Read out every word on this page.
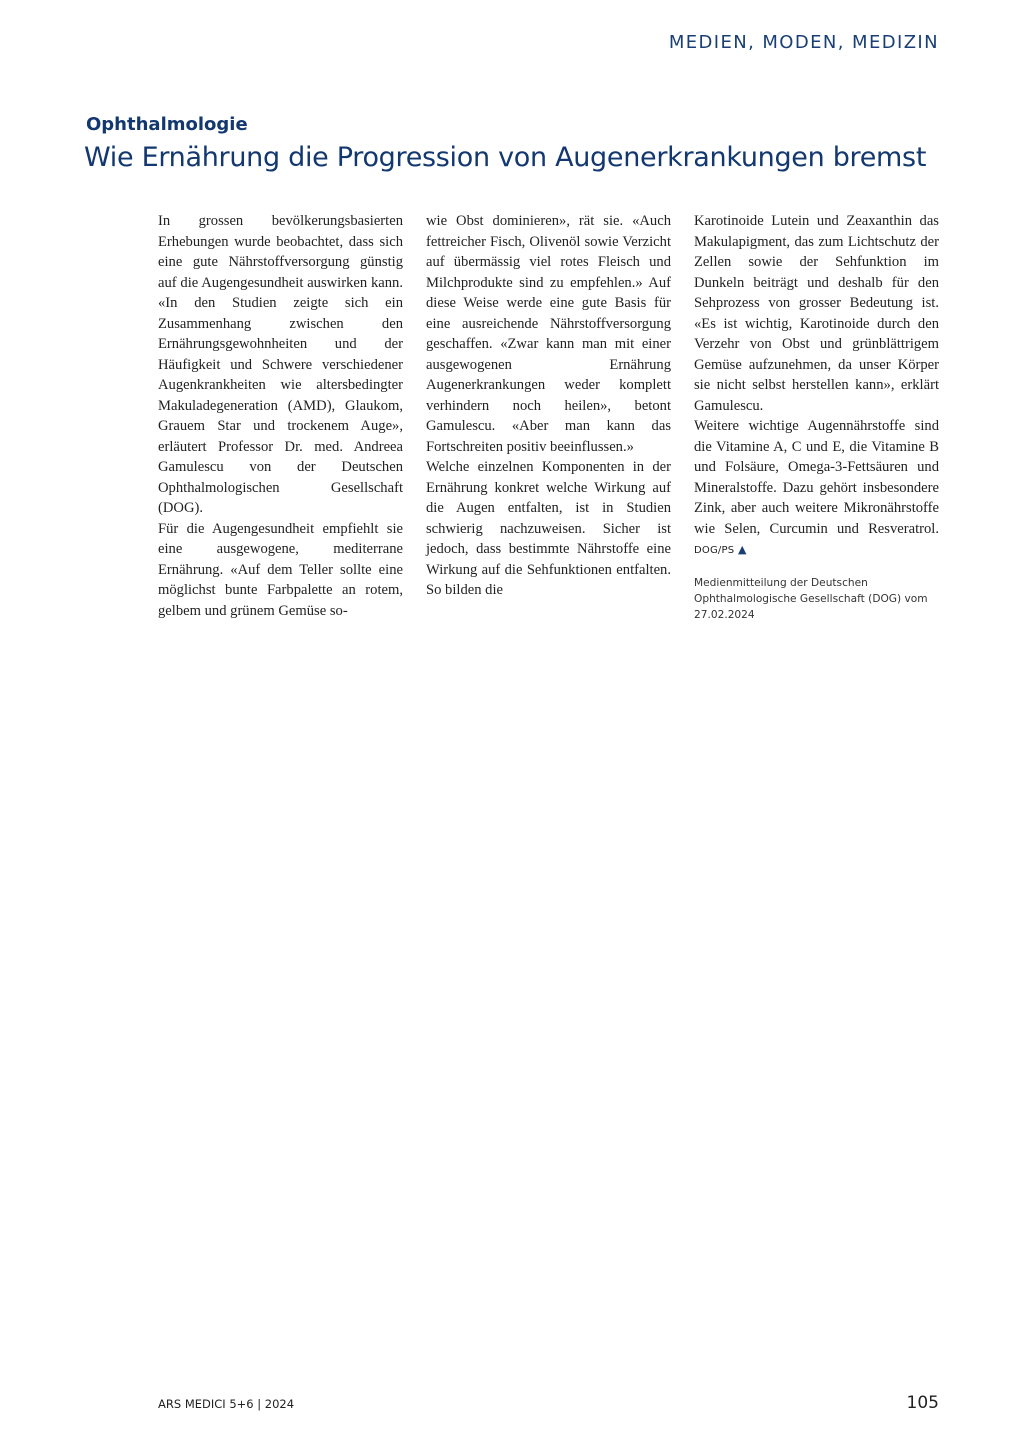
MEDIEN, MODEN, MEDIZIN
Ophthalmologie
Wie Ernährung die Progression von Augenerkrankungen bremst

In grossen bevölkerungsbasierten Erhebungen wurde beobachtet, dass sich eine gute Nährstoffversorgung günstig auf die Augengesundheit auswirken kann. «In den Studien zeigte sich ein Zusammenhang zwischen den Ernährungsgewohnheiten und der Häufigkeit und Schwere verschiedener Augenkrankheiten wie altersbedingter Makuladegeneration (AMD), Glaukom, Grauem Star und trockenem Auge», erläutert Professor Dr. med. Andreea Gamulescu von der Deutschen Ophthalmologischen Gesellschaft (DOG).

Für die Augengesundheit empfiehlt sie eine ausgewogene, mediterrane Ernährung. «Auf dem Teller sollte eine möglichst bunte Farbpalette an rotem, gelbem und grünem Gemüse so-

wie Obst dominieren», rät sie. «Auch fettreicher Fisch, Olivenöl sowie Verzicht auf übermässig viel rotes Fleisch und Milchprodukte sind zu empfehlen.» Auf diese Weise werde eine gute Basis für eine ausreichende Nährstoffversorgung geschaffen. «Zwar kann man mit einer ausgewogenen Ernährung Augenerkrankungen weder komplett verhindern noch heilen», betont Gamulescu. «Aber man kann das Fortschreiten positiv beeinflussen.»

Welche einzelnen Komponenten in der Ernährung konkret welche Wirkung auf die Augen entfalten, ist in Studien schwierig nachzuweisen. Sicher ist jedoch, dass bestimmte Nährstoffe eine Wirkung auf die Sehfunktionen entfalten. So bilden die

Karotinoide Lutein und Zeaxanthin das Makulapigment, das zum Lichtschutz der Zellen sowie der Sehfunktion im Dunkeln beiträgt und deshalb für den Sehprozess von grosser Bedeutung ist. «Es ist wichtig, Karotinoide durch den Verzehr von Obst und grünblättrigem Gemüse aufzunehmen, da unser Körper sie nicht selbst herstellen kann», erklärt Gamulescu.

Weitere wichtige Augennährstoffe sind die Vitamine A, C und E, die Vitamine B und Folsäure, Omega-3-Fettsäuren und Mineralstoffe. Dazu gehört insbesondere Zink, aber auch weitere Mikronährstoffe wie Selen, Curcumin und Resveratrol. DOG/PS ▲

Medienmitteilung der Deutschen Ophthalmologische Gesellschaft (DOG) vom 27.02.2024
ARS MEDICI 5+6 | 2024	105
